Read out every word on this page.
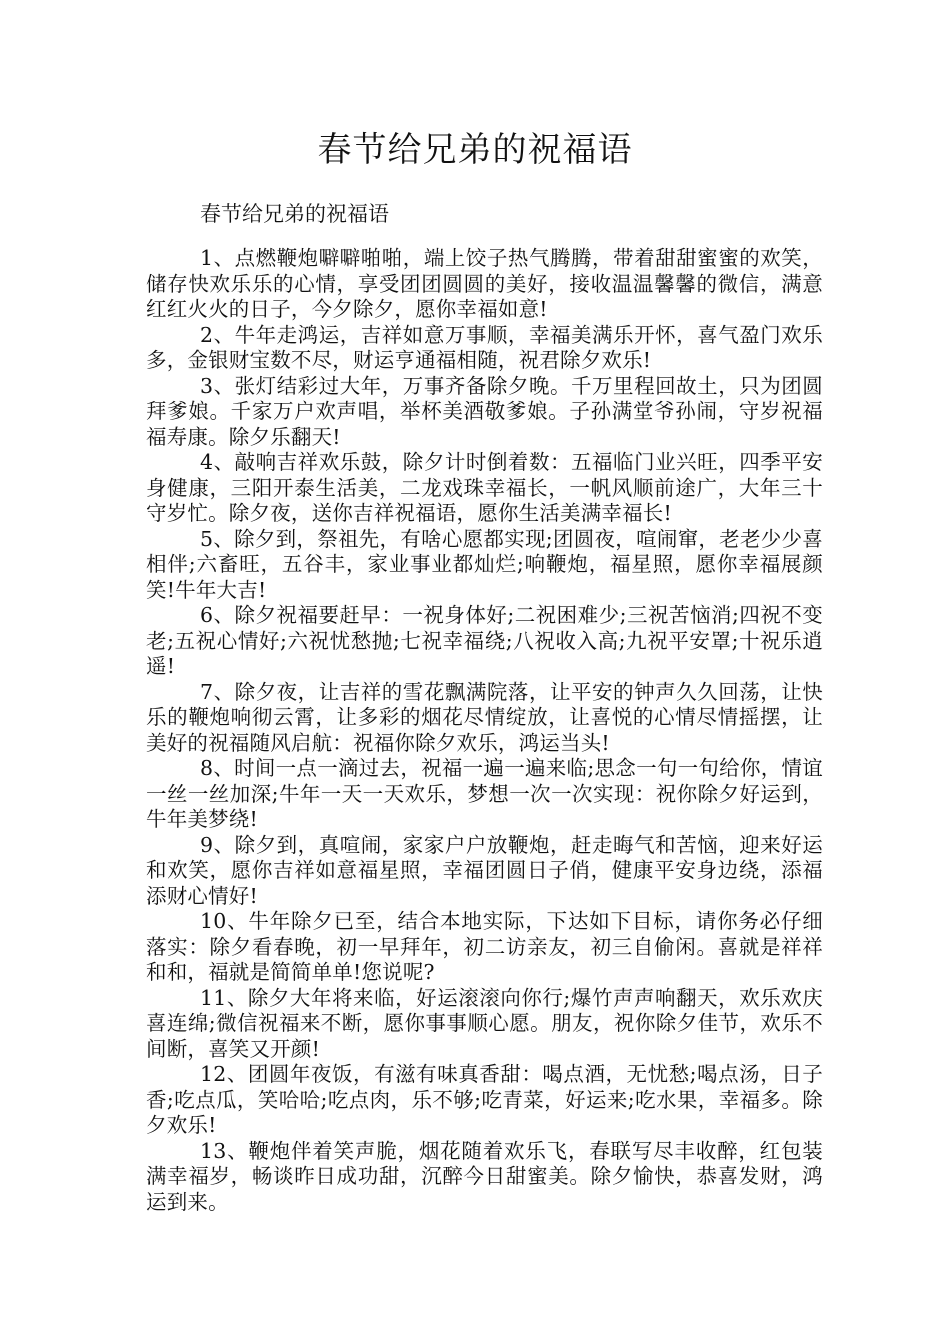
春节给兄弟的祝福语

春节给兄弟的祝福语

1、点燃鞭炮噼噼啪啪，端上饺子热气腾腾，带着甜甜蜜蜜的欢笑，储存快欢乐乐的心情，享受团团圆圆的美好，接收温温馨馨的微信，满意红红火火的日子，今夕除夕，愿你幸福如意!

2、牛年走鸿运，吉祥如意万事顺，幸福美满乐开怀，喜气盈门欢乐多，金银财宝数不尽，财运亨通福相随，祝君除夕欢乐!

3、张灯结彩过大年，万事齐备除夕晚。千万里程回故土，只为团圆拜爹娘。千家万户欢声唱，举杯美酒敬爹娘。子孙满堂爷孙闹，守岁祝福福寿康。除夕乐翻天!

4、敲响吉祥欢乐鼓，除夕计时倒着数：五福临门业兴旺，四季平安身健康，三阳开泰生活美，二龙戏珠幸福长，一帆风顺前途广，大年三十守岁忙。除夕夜，送你吉祥祝福语，愿你生活美满幸福长!

5、除夕到，祭祖先，有啥心愿都实现;团圆夜，喧闹窜，老老少少喜相伴;六畜旺，五谷丰，家业事业都灿烂;响鞭炮，福星照，愿你幸福展颜笑!牛年大吉!

6、除夕祝福要赶早：一祝身体好;二祝困难少;三祝苦恼消;四祝不变老;五祝心情好;六祝忧愁抛;七祝幸福绕;八祝收入高;九祝平安罩;十祝乐逍遥!

7、除夕夜，让吉祥的雪花飘满院落，让平安的钟声久久回荡，让快乐的鞭炮响彻云霄，让多彩的烟花尽情绽放，让喜悦的心情尽情摇摆，让美好的祝福随风启航：祝福你除夕欢乐，鸿运当头!

8、时间一点一滴过去，祝福一遍一遍来临;思念一句一句给你，情谊一丝一丝加深;牛年一天一天欢乐，梦想一次一次实现：祝你除夕好运到，牛年美梦绕!

9、除夕到，真喧闹，家家户户放鞭炮，赶走晦气和苦恼，迎来好运和欢笑，愿你吉祥如意福星照，幸福团圆日子俏，健康平安身边绕，添福添财心情好!

10、牛年除夕已至，结合本地实际，下达如下目标，请你务必仔细落实：除夕看春晚，初一早拜年，初二访亲友，初三自偷闲。喜就是祥祥和和，福就是简简单单!您说呢?

11、除夕大年将来临，好运滚滚向你行;爆竹声声响翻天，欢乐欢庆喜连绵;微信祝福来不断，愿你事事顺心愿。朋友，祝你除夕佳节，欢乐不间断，喜笑又开颜!

12、团圆年夜饭，有滋有味真香甜：喝点酒，无忧愁;喝点汤，日子香;吃点瓜，笑哈哈;吃点肉，乐不够;吃青菜，好运来;吃水果，幸福多。除夕欢乐!

13、鞭炮伴着笑声脆，烟花随着欢乐飞，春联写尽丰收醉，红包装满幸福岁，畅谈昨日成功甜，沉醉今日甜蜜美。除夕愉快，恭喜发财，鸿运到来。
